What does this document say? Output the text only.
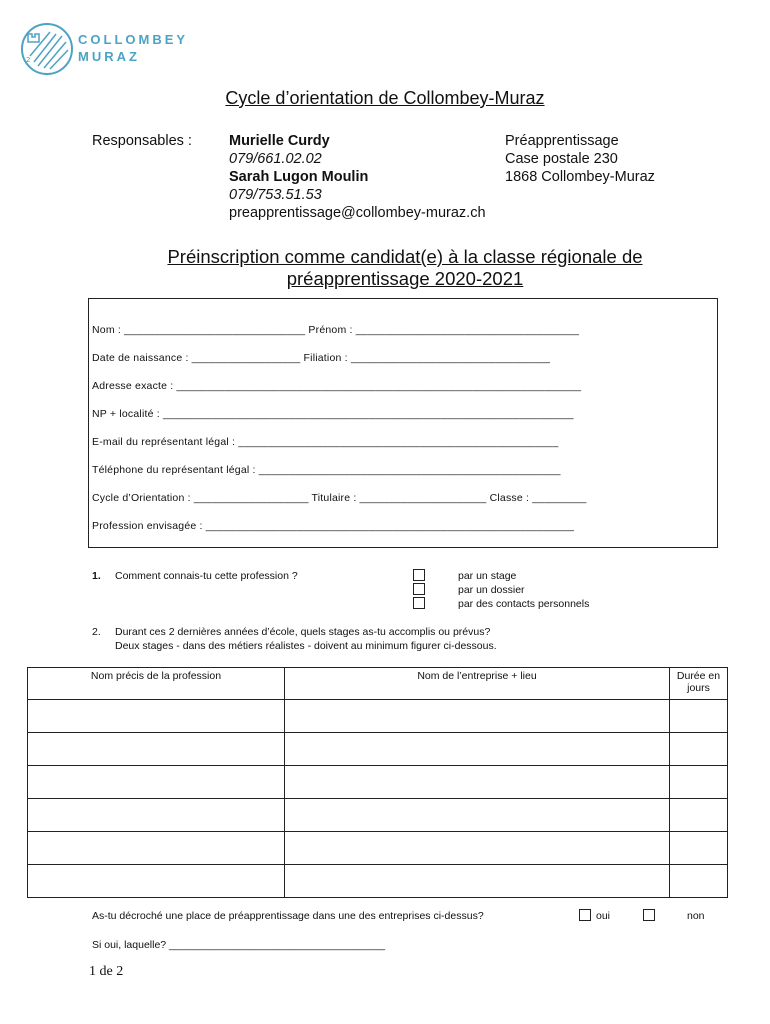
2
COLLOMBEY
MURAZ
Cycle d’orientation de Collombey-Muraz
Responsables :	Murielle Curdy
079/661.02.02
Sarah Lugon Moulin
079/753.51.53
preapprentissage@collombey-muraz.ch
Préapprentissage
Case postale 230
1868 Collombey-Muraz
Préinscription comme candidat(e) à la classe régionale de
préapprentissage 2020-2021
Nom : ______________________________ Prénom : _____________________________________
Date de naissance : __________________ Filiation : _________________________________
Adresse exacte : ___________________________________________________________________
NP + localité : ____________________________________________________________________
E-mail du représentant légal : _____________________________________________________
Téléphone du représentant légal : __________________________________________________
Cycle d’Orientation : ___________________ Titulaire : _____________________ Classe : _________
Profession envisagée : _____________________________________________________________
1. Comment connais-tu cette profession ?	par un stage
par un dossier
par des contacts personnels
2. Durant ces 2 dernières années d’école, quels stages as-tu accomplis ou prévus?
Deux stages - dans des métiers réalistes - doivent au minimum figurer ci-dessous.
Nom précis de la profession	Nom de l’entreprise + lieu	Durée en jours

As-tu décroché une place de préapprentissage dans une des entreprises ci-dessus?	oui	non
Si oui, laquelle? _____________________________________
1 de 2
